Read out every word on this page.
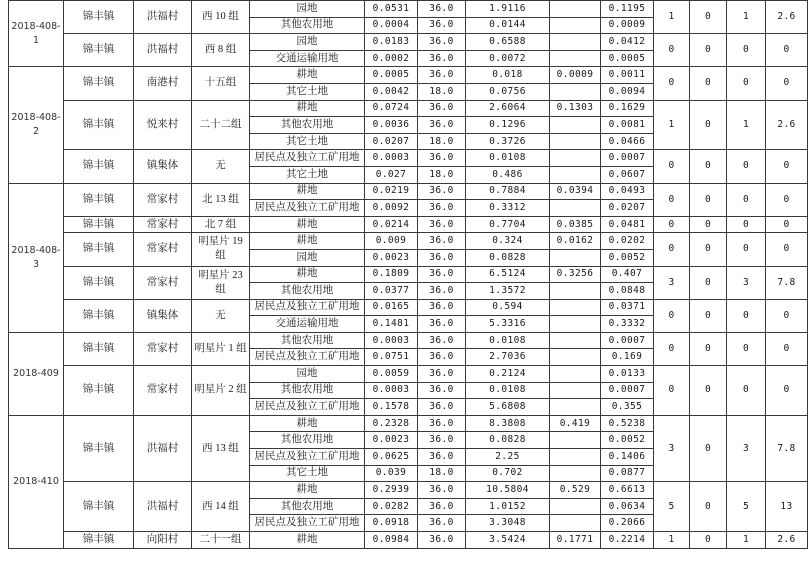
2018-408-1	锦丰镇	洪福村	西 10 组	园地	0.0531	36.0	1.9116		0.1195	1	0	1	2.6
				其他农用地	0.0004	36.0	0.0144		0.0009				
	锦丰镇	洪福村	西 8 组	园地	0.0183	36.0	0.6588		0.0412	0	0	0	0
				交通运输用地	0.0002	36.0	0.0072		0.0005				
2018-408-2	锦丰镇	南港村	十五组	耕地	0.0005	36.0	0.018	0.0009	0.0011	0	0	0	0
				其它土地	0.0042	18.0	0.0756		0.0094				
	锦丰镇	悦来村	二十二组	耕地	0.0724	36.0	2.6064	0.1303	0.1629	1	0	1	2.6
				其他农用地	0.0036	36.0	0.1296		0.0081				
				其它土地	0.0207	18.0	0.3726		0.0466				
	锦丰镇	镇集体	无	居民点及独立工矿用地	0.0003	36.0	0.0108		0.0007	0	0	0	0
				其它土地	0.027	18.0	0.486		0.0607				
2018-408-3	锦丰镇	常家村	北 13 组	耕地	0.0219	36.0	0.7884	0.0394	0.0493	0	0	0	0
				居民点及独立工矿用地	0.0092	36.0	0.3312		0.0207				
	锦丰镇	常家村	北 7 组	耕地	0.0214	36.0	0.7704	0.0385	0.0481	0	0	0	0
	锦丰镇	常家村	明星片 19 组	耕地	0.009	36.0	0.324	0.0162	0.0202	0	0	0	0
				园地	0.0023	36.0	0.0828		0.0052				
	锦丰镇	常家村	明星片 23 组	耕地	0.1809	36.0	6.5124	0.3256	0.407	3	0	3	7.8
				其他农用地	0.0377	36.0	1.3572		0.0848				
	锦丰镇	镇集体	无	居民点及独立工矿用地	0.0165	36.0	0.594		0.0371	0	0	0	0
				交通运输用地	0.1481	36.0	5.3316		0.3332				
2018-409	锦丰镇	常家村	明星片 1 组	其他农用地	0.0003	36.0	0.0108		0.0007	0	0	0	0
				居民点及独立工矿用地	0.0751	36.0	2.7036		0.169				
	锦丰镇	常家村	明星片 2 组	园地	0.0059	36.0	0.2124		0.0133	0	0	0	0
				其他农用地	0.0003	36.0	0.0108		0.0007				
				居民点及独立工矿用地	0.1578	36.0	5.6808		0.355				
2018-410	锦丰镇	洪福村	西 13 组	耕地	0.2328	36.0	8.3808	0.419	0.5238	3	0	3	7.8
				其他农用地	0.0023	36.0	0.0828		0.0052				
				居民点及独立工矿用地	0.0625	36.0	2.25		0.1406				
				其它土地	0.039	18.0	0.702		0.0877				
	锦丰镇	洪福村	西 14 组	耕地	0.2939	36.0	10.5804	0.529	0.6613	5	0	5	13
				其他农用地	0.0282	36.0	1.0152		0.0634				
				居民点及独立工矿用地	0.0918	36.0	3.3048		0.2066				
	锦丰镇	向阳村	二十一组	耕地	0.0984	36.0	3.5424	0.1771	0.2214	1	0	1	2.6
